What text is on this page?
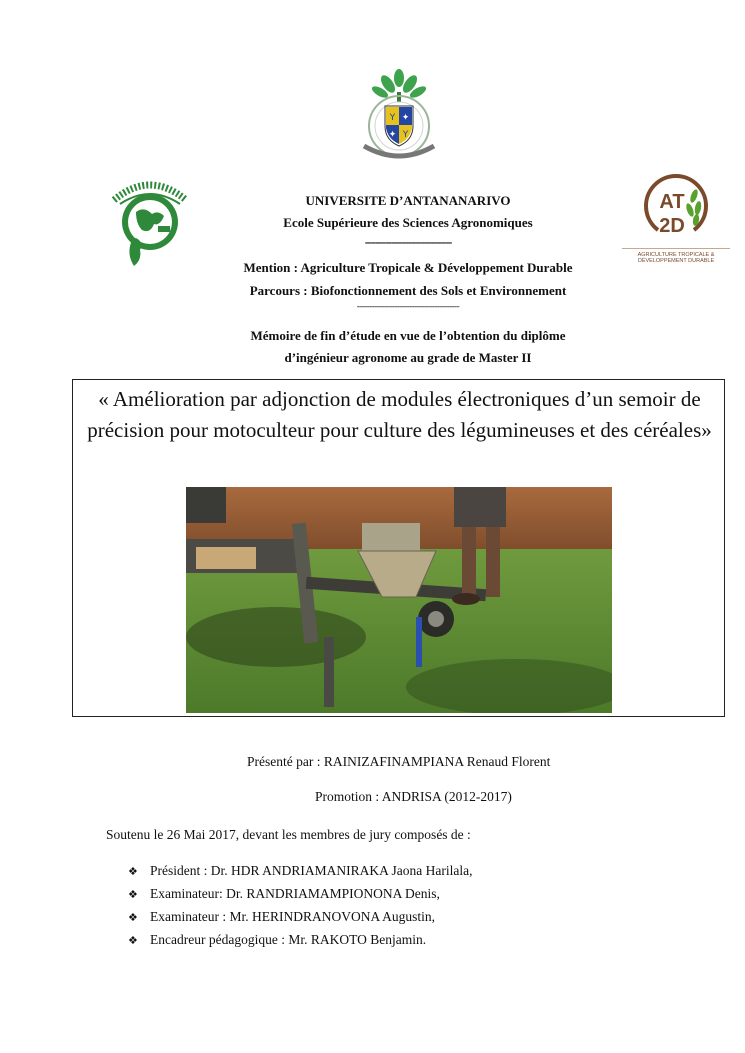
Y ✦
✦ Y
AT
2D
AGRICULTURE TROPICALE &
DÉVELOPPEMENT DURABLE
UNIVERSITE D’ANTANANARIVO
Ecole Supérieure des Sciences Agronomiques
--------------------------
Mention : Agriculture Tropicale & Développement Durable
Parcours : Biofonctionnement des Sols et Environnement
-----------------------------------------
Mémoire de fin d’étude en vue de l’obtention du diplôme
d’ingénieur agronome au grade de Master II
« Amélioration par adjonction de modules électroniques d’un semoir de précision pour motoculteur pour culture des légumineuses et des céréales»
Présenté par : RAINIZAFINAMPIANA Renaud Florent
Promotion : ANDRISA (2012-2017)
Soutenu le 26 Mai 2017, devant les membres de jury composés de :
❖ Président : Dr. HDR ANDRIAMANIRAKA Jaona Harilala,
❖ Examinateur: Dr. RANDRIAMAMPIONONA Denis,
❖ Examinateur : Mr. HERINDRANOVONA Augustin,
❖ Encadreur pédagogique : Mr. RAKOTO Benjamin.
